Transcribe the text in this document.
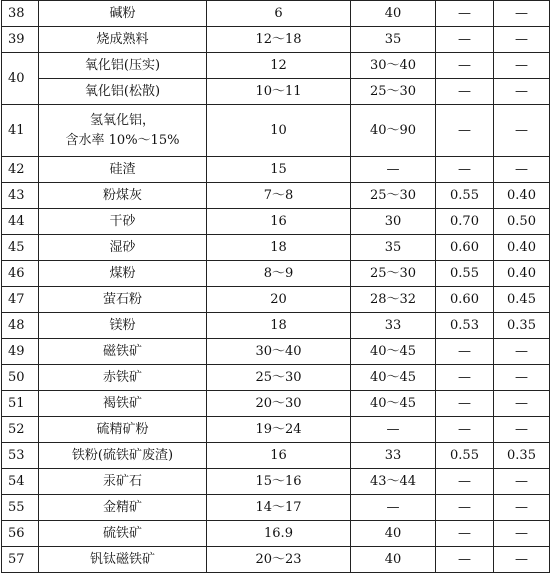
38	碱粉	6	40	—	—
39	烧成熟料	12～18	35	—	—
40	氧化铝(压实)	12	30～40	—	—
	氧化铝(松散)	10～11	25～30	—	—
41	氢氧化铝，
含水率 10%～15%	10	40～90	—	—
42	硅渣	15	—	—	—
43	粉煤灰	7～8	25～30	0.55	0.40
44	干砂	16	30	0.70	0.50
45	湿砂	18	35	0.60	0.40
46	煤粉	8～9	25～30	0.55	0.40
47	萤石粉	20	28～32	0.60	0.45
48	镁粉	18	33	0.53	0.35
49	磁铁矿	30～40	40～45	—	—
50	赤铁矿	25～30	40～45	—	—
51	褐铁矿	20～30	40～45	—	—
52	硫精矿粉	19～24	—	—	—
53	铁粉(硫铁矿废渣)	16	33	0.55	0.35
54	汞矿石	15～16	43～44	—	—
55	金精矿	14～17	—	—	—
56	硫铁矿	16.9	40	—	—
57	钒钛磁铁矿	20～23	40	—	—
